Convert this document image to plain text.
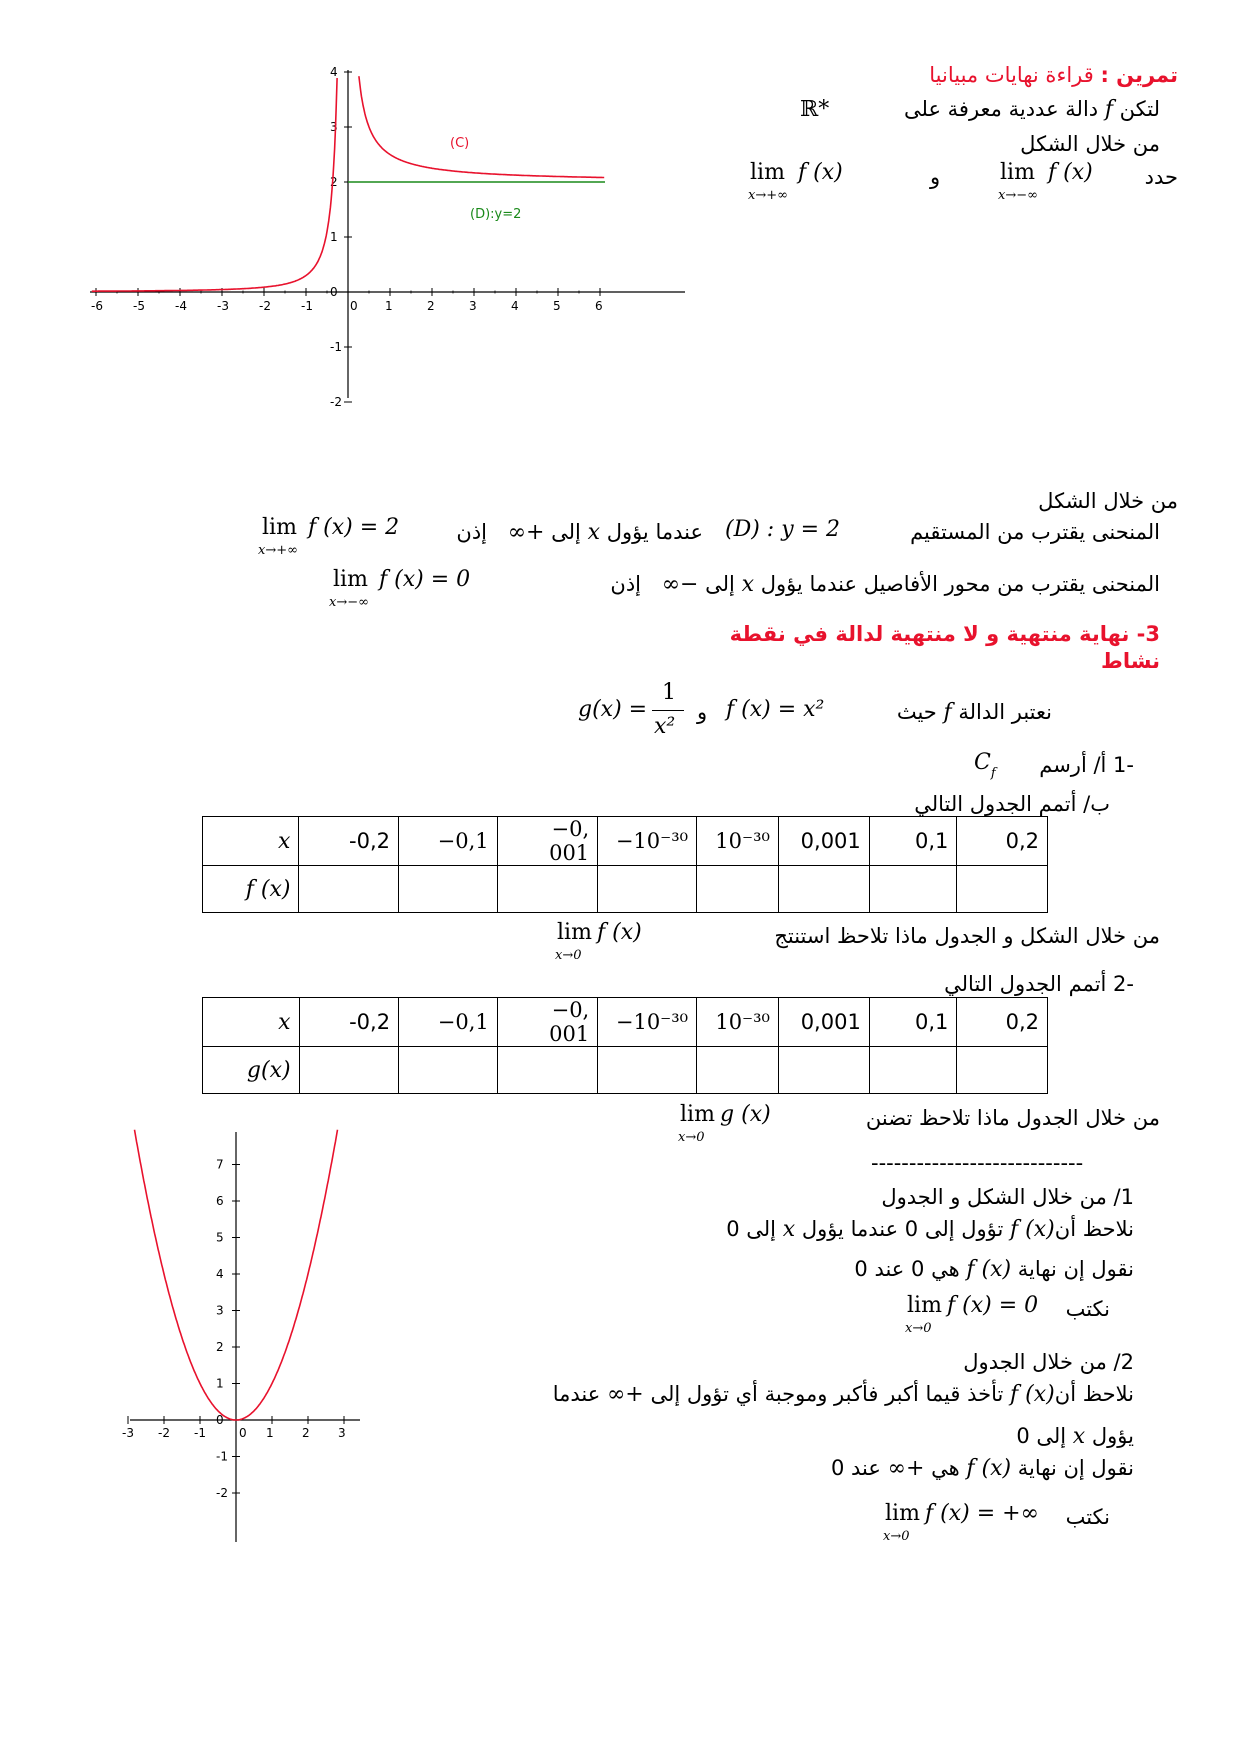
تمرين : قراءة نهايات مبيانيا
ℝ*	لتكن f دالة عددية معرفة على
من خلال الشكل
حدد
lim f (x)
x→−∞
و
lim f (x)
x→+∞
-6	-5	-4	-3	-2	-1	0 1	2	3	4	5	6
4
3
2
1
0
-1
-2
(C)
(D):y=2
من خلال الشكل
المنحنى يقترب من المستقيم
(D) : y = 2
عندما يؤول x إلى +∞ إذن
lim f (x) = 2
x→+∞
المنحنى يقترب من محور الأفاصيل عندما يؤول x إلى −∞ إذن
lim f (x) = 0
x→−∞
3- نهاية منتهية و لا منتهية لدالة في نقطة
نشاط
نعتبر الدالة f حيث
f (x) = x²
و
g(x) =
1
x²
-1 أ/ أرسم
$C_f$
ب/ أتمم الجدول التالي
x	-0,2	−0,1	−0, 001	−10⁻³⁰	10⁻³⁰	0,001	0,1	0,2
f (x)								
من خلال الشكل و الجدول ماذا تلاحظ استنتج
lim f (x)
x→0
-2 أتمم الجدول التالي
x	-0,2	−0,1	−0, 001	−10⁻³⁰	10⁻³⁰	0,001	0,1	0,2
g(x)								
من خلال الجدول ماذا تلاحظ تضنن
lim g (x)
x→0
----------------------------
1/ من خلال الشكل و الجدول
نلاحظ أنf (x) تؤول إلى 0 عندما يؤول x إلى 0
نقول إن نهاية (x) f هي 0 عند 0
نكتب
lim f (x) = 0
x→0
2/ من خلال الجدول
نلاحظ أنf (x) تأخذ قيما أكبر فأكبر وموجبة أي تؤول إلى +∞ عندما
يؤول x إلى 0
نقول إن نهاية (x) f هي +∞ عند 0
نكتب
lim f (x) = +∞
x→0
-3 -2 -1	0 1 2 3
7
6
5
4
3
2
1
0
-1
-2
